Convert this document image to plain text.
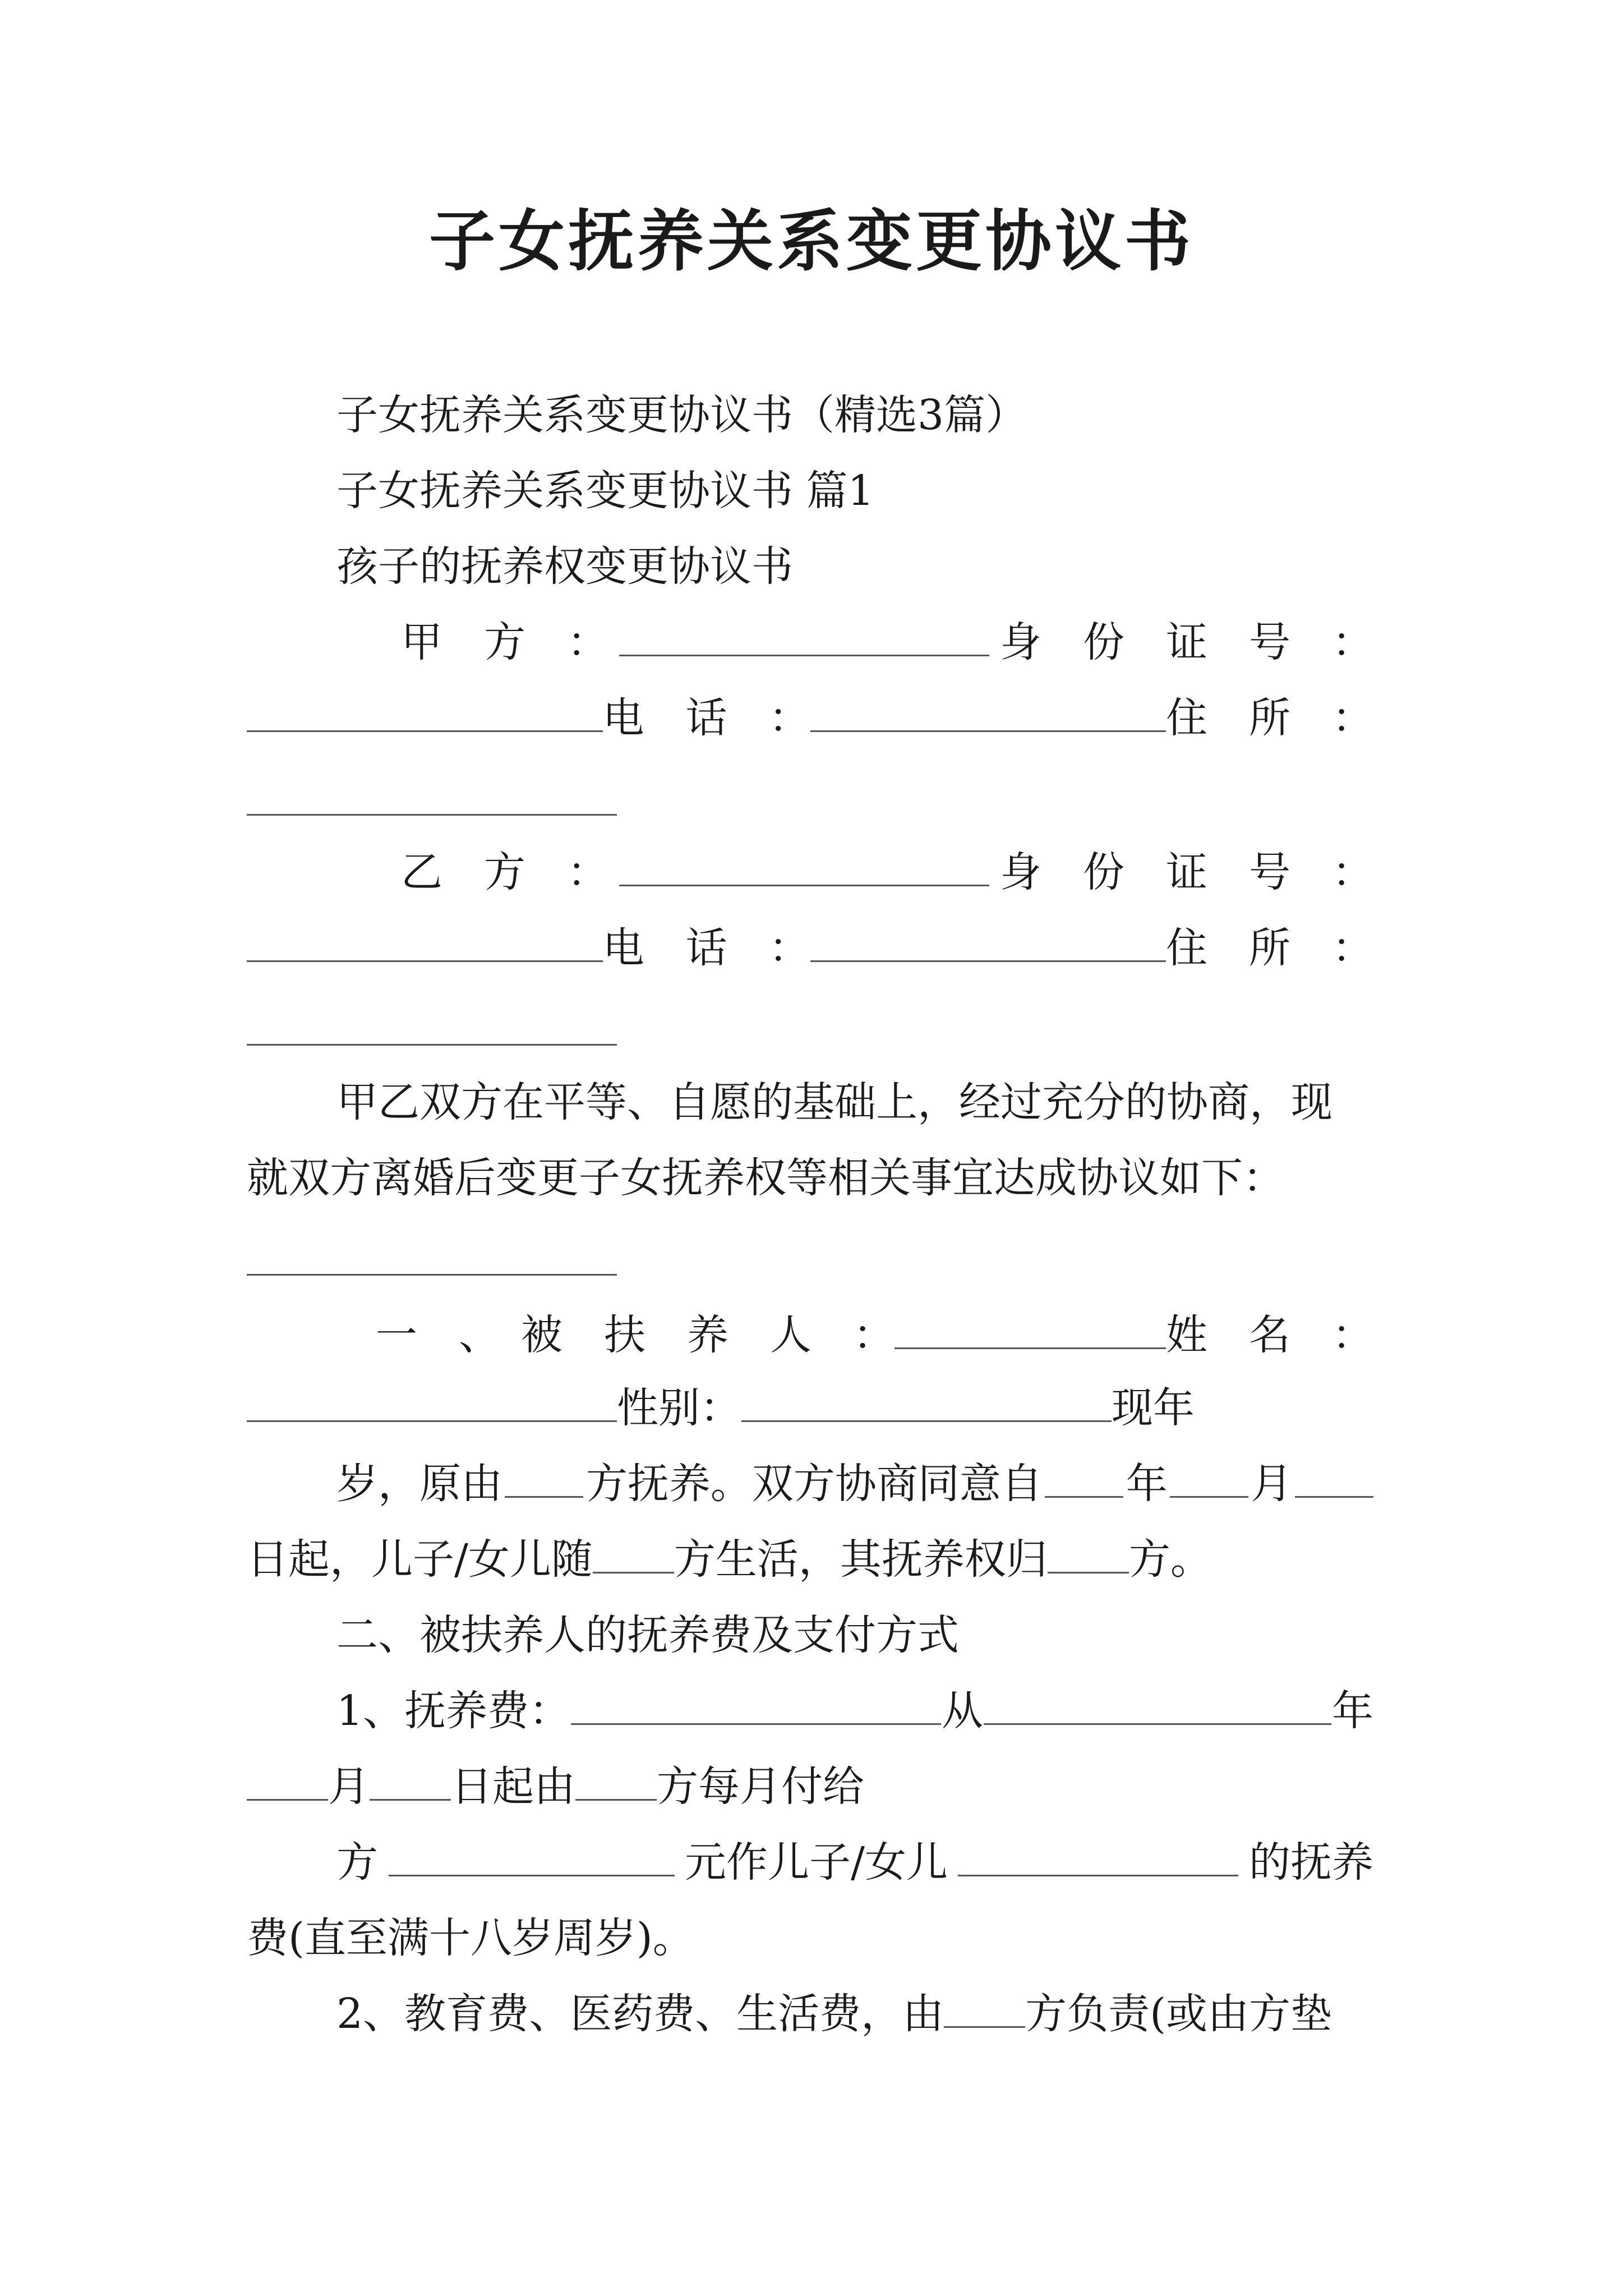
子女抚养关系变更协议书
子女抚养关系变更协议书（精选3篇）
子女抚养关系变更协议书 篇1
孩子的抚养权变更协议书
甲　方　：	身　份　证　号　：
电　话　：	住　所　：
乙　方　：	身　份　证　号　：
电　话　：	住　所　：
甲乙双方在平等、自愿的基础上，经过充分的协商，现
就双方离婚后变更子女抚养权等相关事宜达成协议如下：
一　、　被　扶　养　人　：	姓　名　：
性别：	现年
岁，原由 方抚养。双方协商同意自 年 月
日起，儿子/女儿随 方生活，其抚养权归 方。
二、被扶养人的抚养费及支付方式
1、抚养费：	从	年
月 日起由 方每月付给
方	元作儿子/女儿	的抚养
费(直至满十八岁周岁)。
2、教育费、医药费、生活费，由 方负责(或由方垫
